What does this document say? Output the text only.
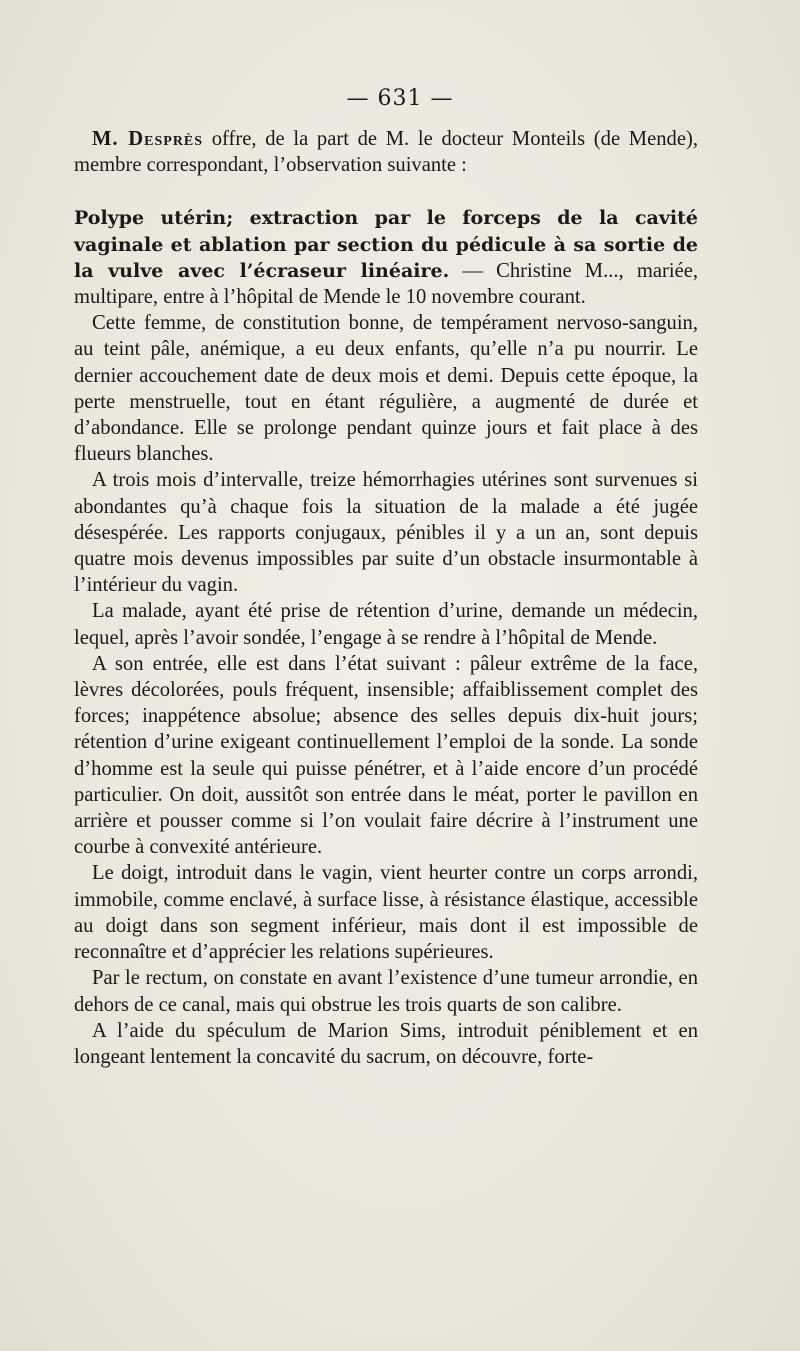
— 631 —

M. Desprès offre, de la part de M. le docteur Monteils (de Mende), membre correspondant, l’observation suivante :

Polype utérin; extraction par le forceps de la cavité vaginale et ablation par section du pédicule à sa sortie de la vulve avec l’écraseur linéaire. — Christine M..., mariée, multipare, entre à l’hôpital de Mende le 10 novembre courant.

Cette femme, de constitution bonne, de tempérament nervoso-sanguin, au teint pâle, anémique, a eu deux enfants, qu’elle n’a pu nourrir. Le dernier accouchement date de deux mois et demi. Depuis cette époque, la perte menstruelle, tout en étant régulière, a augmenté de durée et d’abondance. Elle se prolonge pendant quinze jours et fait place à des flueurs blanches.

A trois mois d’intervalle, treize hémorrhagies utérines sont survenues si abondantes qu’à chaque fois la situation de la malade a été jugée désespérée. Les rapports conjugaux, pénibles il y a un an, sont depuis quatre mois devenus impossibles par suite d’un obstacle insurmontable à l’intérieur du vagin.

La malade, ayant été prise de rétention d’urine, demande un médecin, lequel, après l’avoir sondée, l’engage à se rendre à l’hôpital de Mende.

A son entrée, elle est dans l’état suivant : pâleur extrême de la face, lèvres décolorées, pouls fréquent, insensible; affaiblissement complet des forces; inappétence absolue; absence des selles depuis dix-huit jours; rétention d’urine exigeant continuellement l’emploi de la sonde. La sonde d’homme est la seule qui puisse pénétrer, et à l’aide encore d’un procédé particulier. On doit, aussitôt son entrée dans le méat, porter le pavillon en arrière et pousser comme si l’on voulait faire décrire à l’instrument une courbe à convexité antérieure.

Le doigt, introduit dans le vagin, vient heurter contre un corps arrondi, immobile, comme enclavé, à surface lisse, à résistance élastique, accessible au doigt dans son segment inférieur, mais dont il est impossible de reconnaître et d’apprécier les relations supérieures.

Par le rectum, on constate en avant l’existence d’une tumeur arrondie, en dehors de ce canal, mais qui obstrue les trois quarts de son calibre.

A l’aide du spéculum de Marion Sims, introduit péniblement et en longeant lentement la concavité du sacrum, on découvre, forte-
